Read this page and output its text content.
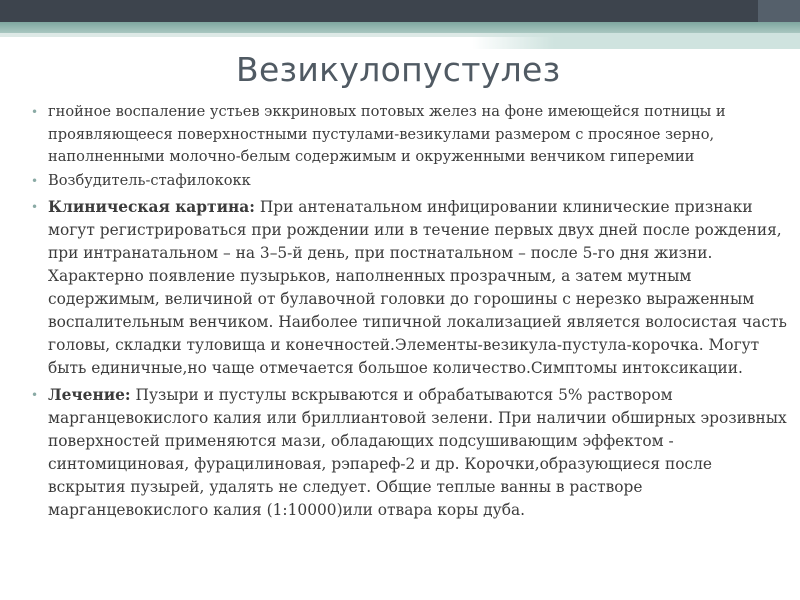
Везикулопустулез
• гнойное воспаление устьев эккриновых потовых желез на фоне имеющейся потницы и проявляющееся поверхностными пустулами-везикулами размером с просяное зерно, наполненными молочно-белым содержимым и окруженными венчиком гиперемии
• Возбудитель-стафилококк
• Клиническая картина: При антенатальном инфицировании клинические признаки могут регистрироваться при рождении или в течение первых двух дней после рождения, при интранатальном – на 3–5-й день, при постнатальном – после 5-го дня жизни. Характерно появление пузырьков, наполненных прозрачным, а затем мутным содержимым, величиной от булавочной головки до горошины с нерезко выраженным воспалительным венчиком. Наиболее типичной локализацией является волосистая часть головы, складки туловища и конечностей.Элементы-везикула-пустула-корочка. Могут быть единичные,но чаще отмечается большое количество.Симптомы интоксикации.
• Лечение: Пузыри и пустулы вскрываются и обрабатываются 5% раствором марганцевокислого калия или бриллиантовой зелени. При наличии обширных эрозивных поверхностей применяются мази, обладающих подсушивающим эффектом - синтомициновая, фурацилиновая, рэпареф-2 и др. Корочки,образующиеся после вскрытия пузырей, удалять не следует. Общие теплые ванны в растворе марганцевокислого калия (1:10000)или отвара коры дуба.
